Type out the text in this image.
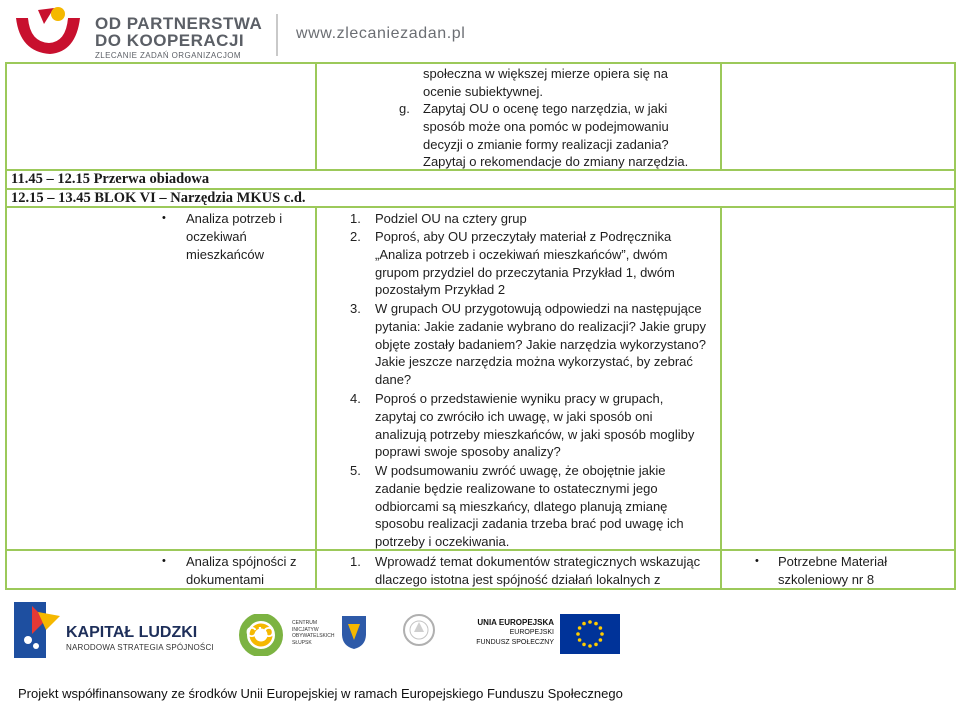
OD PARTNERSTWA
DO KOOPERACJI
ZLECANIE ZADAŃ ORGANIZACJOM
www.zlecaniezadan.pl
społeczna w większej mierze opiera się na
ocenie subiektywnej.
g. Zapytaj OU o ocenę tego narzędzia, w jaki
sposób może ona pomóc w podejmowaniu
decyzji o zmianie formy realizacji zadania?
Zapytaj o rekomendacje do zmiany narzędzia.
11.45 – 12.15 Przerwa obiadowa
12.15 – 13.45 BLOK VI – Narzędzia MKUS c.d.
• Analiza potrzeb i
oczekiwań
mieszkańców
1. Podziel OU na cztery grup
2. Poproś, aby OU przeczytały materiał z Podręcznika
„Analiza potrzeb i oczekiwań mieszkańców”, dwóm
grupom przydziel do przeczytania Przykład 1, dwóm
pozostałym Przykład 2
3. W grupach OU przygotowują odpowiedzi na następujące
pytania: Jakie zadanie wybrano do realizacji? Jakie grupy
objęte zostały badaniem? Jakie narzędzia wykorzystano?
Jakie jeszcze narzędzia można wykorzystać, by zebrać
dane?
4. Poproś o przedstawienie wyniku pracy w grupach,
zapytaj co zwróciło ich uwagę, w jaki sposób oni
analizują potrzeby mieszkańców, w jaki sposób mogliby
poprawi swoje sposoby analizy?
5. W podsumowaniu zwróć uwagę, że obojętnie jakie
zadanie będzie realizowane to ostatecznymi jego
odbiorcami są mieszkańcy, dlatego planują zmianę
sposobu realizacji zadania trzeba brać pod uwagę ich
potrzeby i oczekiwania.
• Analiza spójności z
dokumentami
1. Wprowadź temat dokumentów strategicznych wskazując
dlaczego istotna jest spójność działań lokalnych z
• Potrzebne Materiał
szkoleniowy nr 8
KAPITAŁ LUDZKI
NARODOWA STRATEGIA SPÓJNOŚCI
CIO
CENTRUM
INICJATYW
OBYWATELSKICH
SŁUPSK
UNIA EUROPEJSKA
EUROPEJSKI
FUNDUSZ SPOŁECZNY
Projekt współfinansowany ze środków Unii Europejskiej w ramach Europejskiego Funduszu Społecznego
